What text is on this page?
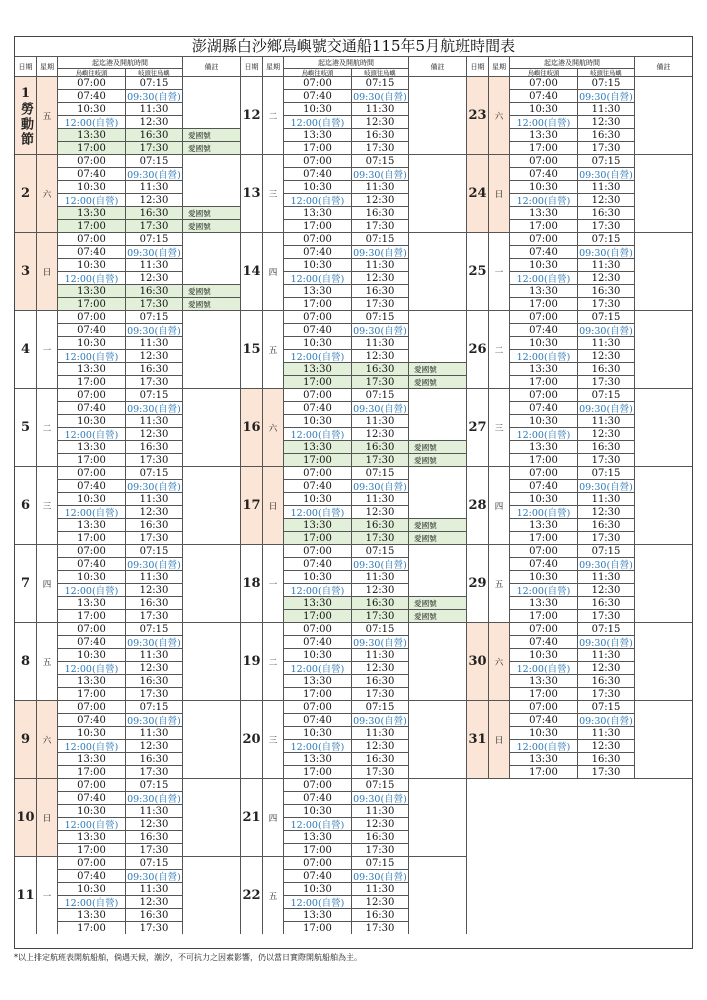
澎湖縣白沙鄉鳥嶼號交通船115年5月航班時間表
日期	星期	起迄港及開航時間
鳥嶼往岐頭	岐頭往鳥嶼
備註	日期	星期	起迄港及開航時間
鳥嶼往岐頭	岐頭往鳥嶼
備註	日期	星期	起迄港及開航時間
鳥嶼往岐頭	岐頭往鳥嶼
備註
1
勞動節	五
07:00	07:15
07:40	09:30(自營)
10:30	11:30
12:00(自營)	12:30
13:30	16:30	愛國號
17:00	17:30	愛國號
2	六
07:00	07:15
07:40	09:30(自營)
10:30	11:30
12:00(自營)	12:30
13:30	16:30	愛國號
17:00	17:30	愛國號
3	日
07:00	07:15
07:40	09:30(自營)
10:30	11:30
12:00(自營)	12:30
13:30	16:30	愛國號
17:00	17:30	愛國號
4	一
07:00	07:15
07:40	09:30(自營)
10:30	11:30
12:00(自營)	12:30
13:30	16:30
17:00	17:30
5	二
07:00	07:15
07:40	09:30(自營)
10:30	11:30
12:00(自營)	12:30
13:30	16:30
17:00	17:30
6	三
07:00	07:15
07:40	09:30(自營)
10:30	11:30
12:00(自營)	12:30
13:30	16:30
17:00	17:30
7	四
07:00	07:15
07:40	09:30(自營)
10:30	11:30
12:00(自營)	12:30
13:30	16:30
17:00	17:30
8	五
07:00	07:15
07:40	09:30(自營)
10:30	11:30
12:00(自營)	12:30
13:30	16:30
17:00	17:30
9	六
07:00	07:15
07:40	09:30(自營)
10:30	11:30
12:00(自營)	12:30
13:30	16:30
17:00	17:30
10 日
07:00	07:15
07:40	09:30(自營)
10:30	11:30
12:00(自營)	12:30
13:30	16:30
17:00	17:30
11 一
07:00	07:15
07:40	09:30(自營)
10:30	11:30
12:00(自營)	12:30
13:30	16:30
17:00	17:30
12 二
07:00	07:15
07:40	09:30(自營)
10:30	11:30
12:00(自營)	12:30
13:30	16:30
17:00	17:30
13 三
07:00	07:15
07:40	09:30(自營)
10:30	11:30
12:00(自營)	12:30
13:30	16:30
17:00	17:30
14 四
07:00	07:15
07:40	09:30(自營)
10:30	11:30
12:00(自營)	12:30
13:30	16:30
17:00	17:30
15 五
07:00	07:15
07:40	09:30(自營)
10:30	11:30
12:00(自營)	12:30
13:30	16:30	愛國號
17:00	17:30	愛國號
16 六
07:00	07:15
07:40	09:30(自營)
10:30	11:30
12:00(自營)	12:30
13:30	16:30	愛國號
17:00	17:30	愛國號
17 日
07:00	07:15
07:40	09:30(自營)
10:30	11:30
12:00(自營)	12:30
13:30	16:30	愛國號
17:00	17:30	愛國號
18 一
07:00	07:15
07:40	09:30(自營)
10:30	11:30
12:00(自營)	12:30
13:30	16:30	愛國號
17:00	17:30	愛國號
19 二
07:00	07:15
07:40	09:30(自營)
10:30	11:30
12:00(自營)	12:30
13:30	16:30
17:00	17:30
20 三
07:00	07:15
07:40	09:30(自營)
10:30	11:30
12:00(自營)	12:30
13:30	16:30
17:00	17:30
21 四
07:00	07:15
07:40	09:30(自營)
10:30	11:30
12:00(自營)	12:30
13:30	16:30
17:00	17:30
22 五
07:00	07:15
07:40	09:30(自營)
10:30	11:30
12:00(自營)	12:30
13:30	16:30
17:00	17:30
23 六
07:00	07:15
07:40	09:30(自營)
10:30	11:30
12:00(自營)	12:30
13:30	16:30
17:00	17:30
24 日
07:00	07:15
07:40	09:30(自營)
10:30	11:30
12:00(自營)	12:30
13:30	16:30
17:00	17:30
25 一
07:00	07:15
07:40	09:30(自營)
10:30	11:30
12:00(自營)	12:30
13:30	16:30
17:00	17:30
26 二
07:00	07:15
07:40	09:30(自營)
10:30	11:30
12:00(自營)	12:30
13:30	16:30
17:00	17:30
27 三
07:00	07:15
07:40	09:30(自營)
10:30	11:30
12:00(自營)	12:30
13:30	16:30
17:00	17:30
28 四
07:00	07:15
07:40	09:30(自營)
10:30	11:30
12:00(自營)	12:30
13:30	16:30
17:00	17:30
29 五
07:00	07:15
07:40	09:30(自營)
10:30	11:30
12:00(自營)	12:30
13:30	16:30
17:00	17:30
30 六
07:00	07:15
07:40	09:30(自營)
10:30	11:30
12:00(自營)	12:30
13:30	16:30
17:00	17:30
31 日
07:00	07:15
07:40	09:30(自營)
10:30	11:30
12:00(自營)	12:30
13:30	16:30
17:00	17:30
*以上排定航班表開航船舶，倘遇天候，潮汐，不可抗力之因素影響，仍以當日實際開航船舶為主。
